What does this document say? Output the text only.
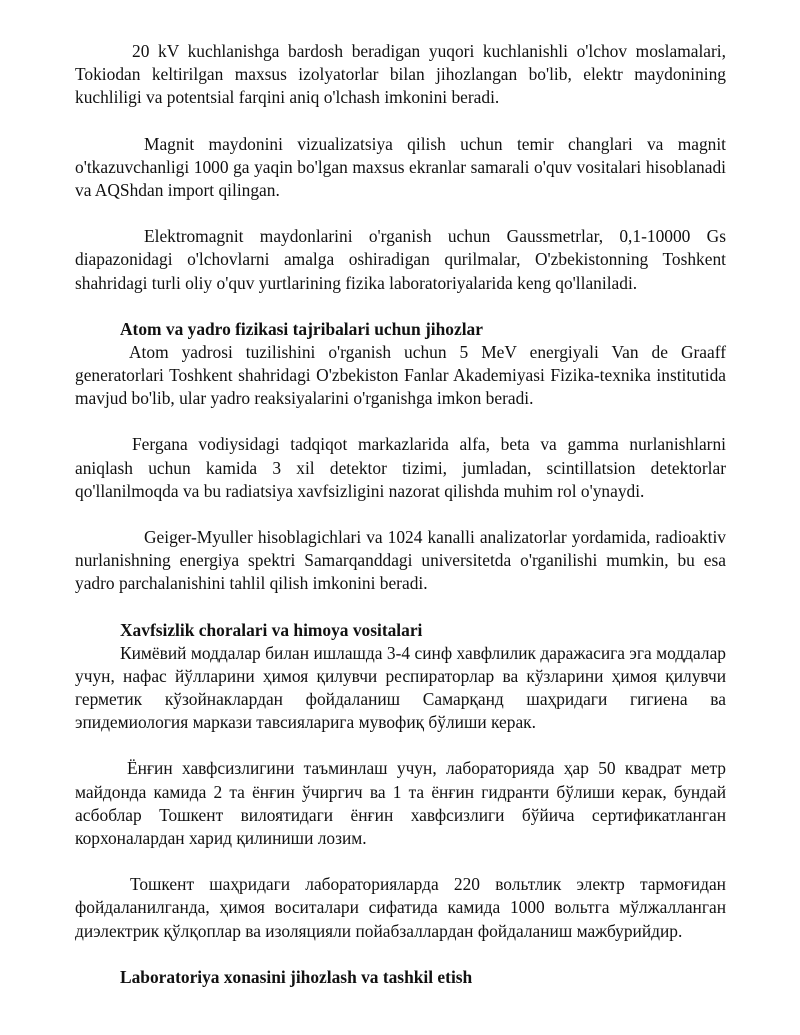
20 kV kuchlanishga bardosh beradigan yuqori kuchlanishli o'lchov moslamalari, Tokiodan keltirilgan maxsus izolyatorlar bilan jihozlangan bo'lib, elektr maydonining kuchliligi va potentsial farqini aniq o'lchash imkonini beradi.

Magnit maydonini vizualizatsiya qilish uchun temir changlari va magnit o'tkazuvchanligi 1000 ga yaqin bo'lgan maxsus ekranlar samarali o'quv vositalari hisoblanadi va AQShdan import qilingan.

Elektromagnit maydonlarini o'rganish uchun Gaussmetrlar, 0,1-10000 Gs diapazonidagi o'lchovlarni amalga oshiradigan qurilmalar, O'zbekistonning Toshkent shahridagi turli oliy o'quv yurtlarining fizika laboratoriyalarida keng qo'llaniladi.

Atom va yadro fizikasi tajribalari uchun jihozlar

Atom yadrosi tuzilishini o'rganish uchun 5 MeV energiyali Van de Graaff generatorlari Toshkent shahridagi O'zbekiston Fanlar Akademiyasi Fizika-texnika institutida mavjud bo'lib, ular yadro reaksiyalarini o'rganishga imkon beradi.

Fergana vodiysidagi tadqiqot markazlarida alfa, beta va gamma nurlanishlarni aniqlash uchun kamida 3 xil detektor tizimi, jumladan, scintillatsion detektorlar qo'llanilmoqda va bu radiatsiya xavfsizligini nazorat qilishda muhim rol o'ynaydi.

Geiger-Myuller hisoblagichlari va 1024 kanalli analizatorlar yordamida, radioaktiv nurlanishning energiya spektri Samarqanddagi universitetda o'rganilishi mumkin, bu esa yadro parchalanishini tahlil qilish imkonini beradi.

Xavfsizlik choralari va himoya vositalari

Кимёвий моддалар билан ишлашда 3-4 синф хавфлилик даражасига эга моддалар учун, нафас йўлларини ҳимоя қилувчи респираторлар ва кўзларини ҳимоя қилувчи герметик кўзойнаклардан фойдаланиш Самарқанд шаҳридаги гигиена ва эпидемиология маркази тавсияларига мувофиқ бўлиши керак.

Ёнғин хавфсизлигини таъминлаш учун, лабораторияда ҳар 50 квадрат метр майдонда камида 2 та ёнғин ўчиргич ва 1 та ёнғин гидранти бўлиши керак, бундай асбоблар Тошкент вилоятидаги ёнғин хавфсизлиги бўйича сертификатланган корхоналардан харид қилиниши лозим.

Тошкент шаҳридаги лабораторияларда 220 вольтлик электр тармоғидан фойдаланилганда, ҳимоя воситалари сифатида камида 1000 вольтга мўлжалланган диэлектрик қўлқоплар ва изоляцияли пойабзаллардан фойдаланиш мажбурийдир.

Laboratoriya xonasini jihozlash va tashkil etish
